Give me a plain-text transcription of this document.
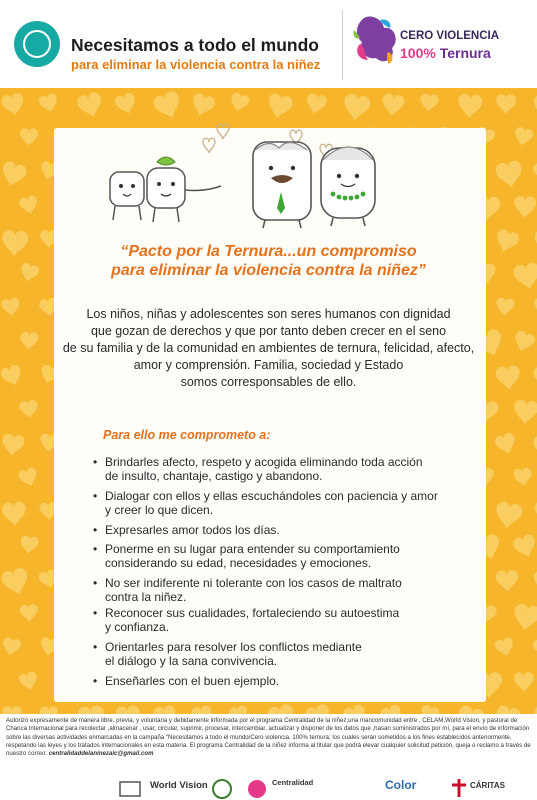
Necesitamos a todo el mundo
para eliminar la violencia contra la niñez
CERO VIOLENCIA
100% Ternura
“Pacto por la Ternura...un compromiso
para eliminar la violencia contra la niñez”
Los niños, niñas y adolescentes son seres humanos con dignidad
que gozan de derechos y que por tanto deben crecer en el seno
de su familia y de la comunidad en ambientes de ternura, felicidad, afecto,
amor y comprensión. Familia, sociedad y Estado
somos corresponsables de ello.
Para ello me comprometo a:
• Brindarles afecto, respeto y acogida eliminando toda acción
de insulto, chantaje, castigo y abandono.
• Dialogar con ellos y ellas escuchándoles con paciencia y amor
y creer lo que dicen.
• Expresarles amor todos los días.
• Ponerme en su lugar para entender su comportamiento
considerando su edad, necesidades y emociones.
• No ser indiferente ni tolerante con los casos de maltrato
contra la niñez.
• Reconocer sus cualidades, fortaleciendo su autoestima
y confianza.
• Orientarles para resolver los conflictos mediante
el diálogo y la sana convivencia.
• Enseñarles con el buen ejemplo.
Autorizo expresamente de manera libre, previa, y voluntaria y debidamente informada por el programa Centralidad de la niñez,una mancomunidad entre , CELAM,World Vision, y pastoral de Chanca Internacional para recolectar ,almacenar , usar, circular, suprimir, procesar, intercambiar, actualizar y disponer de los datos que ,hasan suministrados por mí, para el envío de información sobre las diversas actividades enmarcadas en la campaña "Necesitamos a todo el mundo/Cero violencia. 100% ternura; los cuales serán sometidos a los fines establecidos anteriormente, respetando las leyes y los tratados internacionales en esta materia. El programa Centralidad de la niñez informa al titular que podrá elevar cualquier solicitud petición, queja o reclamo a través de nuestro correo: centralidaddelaninezalc@gmail.com
World Vision	Centralidad	Color	CÁRITAS
